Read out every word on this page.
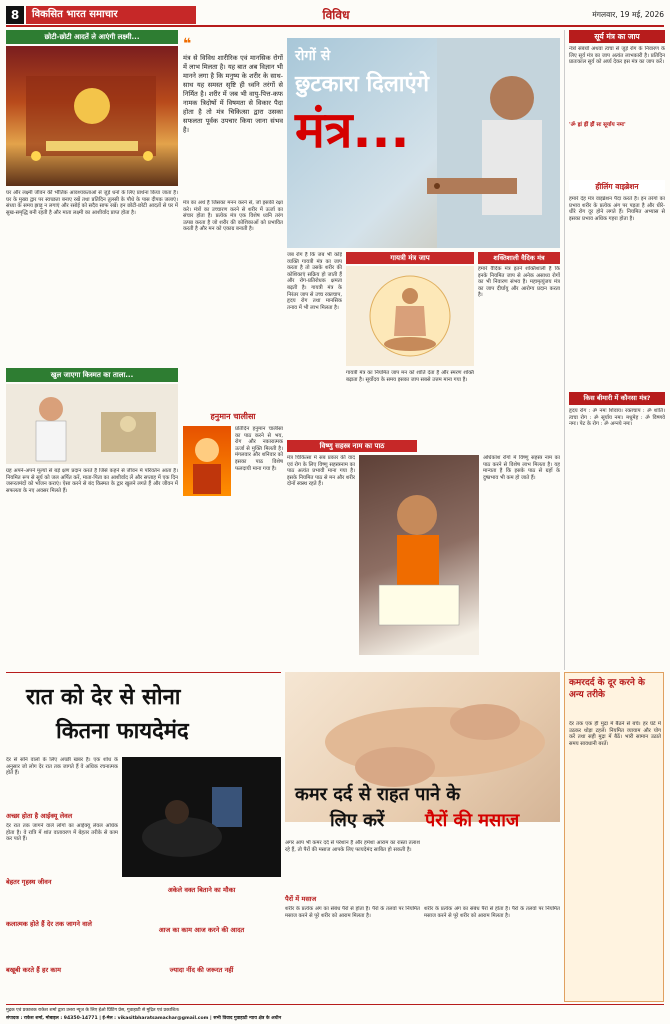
8	विकसित भारत समाचार	विविध	मंगलवार, 19 मई, 2026
छोटी-छोटी आदतें ले आएंगी लक्ष्मी...
घर और लक्ष्मी जीवन की भौतिक आवश्यकताओं से जुड़े धनों के लिए प्रार्थना किया जाता है। घर के मुख्य द्वार पर स्वच्छता बनाए रखें तथा प्रतिदिन तुलसी के पौधे के पास दीपक जलाएं। संध्या के समय झाड़ू न लगाएं और रसोई को सदैव साफ रखें। इन छोटी-छोटी आदतों से घर में सुख-समृद्धि बनी रहती है और माता लक्ष्मी का आशीर्वाद प्राप्त होता है।
खुल जाएगा किस्मत का ताला...
ग्रह अपने-अपने मूल्यों से बड़े क्षण प्रदान करते हैं जिसे कहने से जीवन में परिवर्तन आता है। नियमित रूप से सूर्य को जल अर्पित करें, माता-पिता का आशीर्वाद लें और सप्ताह में एक दिन जरूरतमंदों को भोजन कराएं। ऐसा करने से बंद किस्मत के द्वार खुलने लगते हैं और जीवन में सफलता के नए अवसर मिलते हैं।
मंत्र से विविध शारीरिक एवं मानसिक रोगों में लाभ मिलता है। यह बात अब विज्ञान भी मानने लगा है कि मनुष्य के शरीर के साथ-साथ यह समस्त सृष्टि ही ध्वनि तरंगों से निर्मित है। शरीर में जब भी वायु-पित्त-कफ नामक त्रिदोषों में विषमता से विकार पैदा होता है तो मंत्र चिकित्सा द्वारा उसका सफलता पूर्वक उपचार किया जाना संभव है।
❝
रोगों से
छुटकारा दिलाएंगे
मंत्र...
मंत्र का अर्थ है जिसका मनन करने से, जो इसकी रक्षा करे। मंत्रों का उच्चारण करने से शरीर में ऊर्जा का संचार होता है। प्रत्येक मंत्र एक विशेष ध्वनि तरंग उत्पन्न करता है जो शरीर की कोशिकाओं को प्रभावित करती है और मन को एकाग्र बनाती है।
हनुमान चालीसा
प्रतिदिन हनुमान चालीसा का पाठ करने से भय, रोग और नकारात्मक ऊर्जा से मुक्ति मिलती है। मंगलवार और शनिवार को इसका पाठ विशेष फलदायी माना गया है।
जब रोग हैं कि जब भी कोई व्यक्ति गायत्री मंत्र का जाप करता है तो उसके शरीर की कोशिकाएं सक्रिय हो जाती हैं और रोग-प्रतिरोधक क्षमता बढ़ती है। गायत्री मंत्र के निरंतर जाप से उच्च रक्तचाप, हृदय रोग तथा मानसिक तनाव में भी लाभ मिलता है।
गायत्री मंत्र जाप
गायत्री मंत्र का नियमित जाप मन को शांति देता है और स्मरण शक्ति बढ़ाता है। सूर्योदय के समय इसका जाप सबसे उत्तम माना गया है।
शक्तिशाली वैदिक मंत्र
हमारे वैदिक मंत्र इतने शक्तिशाली हैं कि इनके नियमित जाप से अनेक असाध्य रोगों का भी निवारण संभव है। महामृत्युंजय मंत्र का जाप दीर्घायु और आरोग्य प्रदान करता है।
विष्णु सहस्त्र नाम का पाठ
मंत्र चिकित्सा में सब प्रकार की वाद एवं रोग के लिए विष्णु सहस्त्रनाम का पाठ अत्यंत प्रभावी माना गया है। इसके नियमित पाठ से मन और शरीर दोनों स्वस्थ रहते हैं।
अधिकांश रोगों में विष्णु सहस्त्र नाम का पाठ करने से विशेष लाभ मिलता है। यह मान्यता है कि इसके पाठ से ग्रहों के दुष्प्रभाव भी कम हो जाते हैं।
सूर्य मंत्र का जाप
नेत्रों संबंधी अथवा त्वचा से जुड़े रोग के निवारण के लिए सूर्य मंत्र का जाप अत्यंत लाभकारी है। प्रतिदिन प्रातःकाल सूर्य को अर्घ्य देकर इस मंत्र का जाप करें।
'ॐ ह्रां ह्रीं ह्रौं सः सूर्याय नमः'
हीलिंग वाइब्रेशन
हमारे देह मंत्र वाइब्रेशन पैदा करते हैं। इन तरंगों का प्रभाव शरीर के प्रत्येक अंग पर पड़ता है और धीरे-धीरे रोग दूर होने लगते हैं। नियमित अभ्यास से इसका प्रभाव अधिक गहरा होता है।
किस बीमारी में कौनसा मंत्र?
हृदय रोग : ॐ नमः शिवाय। रक्तचाप : ॐ शांति। त्वचा रोग : ॐ सूर्याय नमः। मधुमेह : ॐ विष्णवे नमः। पेट के रोग : ॐ अग्नये नमः।
रात को देर से सोना
कितना फायदेमंद
देर से सोने वालों के लिए अच्छी खबर है। एक शोध के अनुसार जो लोग देर रात तक जागते हैं वे अधिक रचनात्मक होते हैं।
अच्छा होता है आईक्यू लेवल
देर रात तक जागने वाले लोगों का आईक्यू लेवल अधिक होता है। वे रात्रि में शांत वातावरण में बेहतर तरीके से काम कर पाते हैं।
बेहतर गृहस्थ जीवन
कलात्मक होते हैं देर तक जागने वाले
बखूबी करते हैं हर काम
अकेले वक्त बिताने का मौका
आज का काम आज करने की आदत
ज्यादा नींद की जरूरत नहीं
कमर दर्द से राहत पाने के
लिए करें	पैरों की मसाज
अगर आप भी कमर दर्द से परेशान हैं और हमेशा आराम का रास्ता तलाश रहे हैं, तो पैरों की मसाज आपके लिए फायदेमंद साबित हो सकती है।
पैरों में मसाज
शरीर के प्रत्येक अंग का संबंध पैरों से होता है। पैरों के तलवों पर नियमित मसाज करने से पूरे शरीर को आराम मिलता है।
शरीर के प्रत्येक अंग का संबंध पैरों से होता है। पैरों के तलवों पर नियमित मसाज करने से पूरे शरीर को आराम मिलता है।
कमरदर्द के दूर करने के अन्य तरीके
देर तक एक ही मुद्रा में बैठने से बचें। हर घंटे में उठकर थोड़ा टहलें। नियमित व्यायाम और योग करें तथा सही मुद्रा में बैठें। भारी सामान उठाते समय सावधानी बरतें।
मुद्रक एवं प्रकाशक राकेश शर्मा द्वारा उत्तरा न्यूज के लिए ईओ प्रिंटिंग प्रेस, गुवाहाटी से मुद्रित एवं प्रकाशित।
संपादक : राकेश शर्मा, मोबाइल : 94350-14771 | ई-मेल : vikasitbharatsamachar@gmail.com | सभी विवाद गुवाहाटी न्याय क्षेत्र के अधीन
